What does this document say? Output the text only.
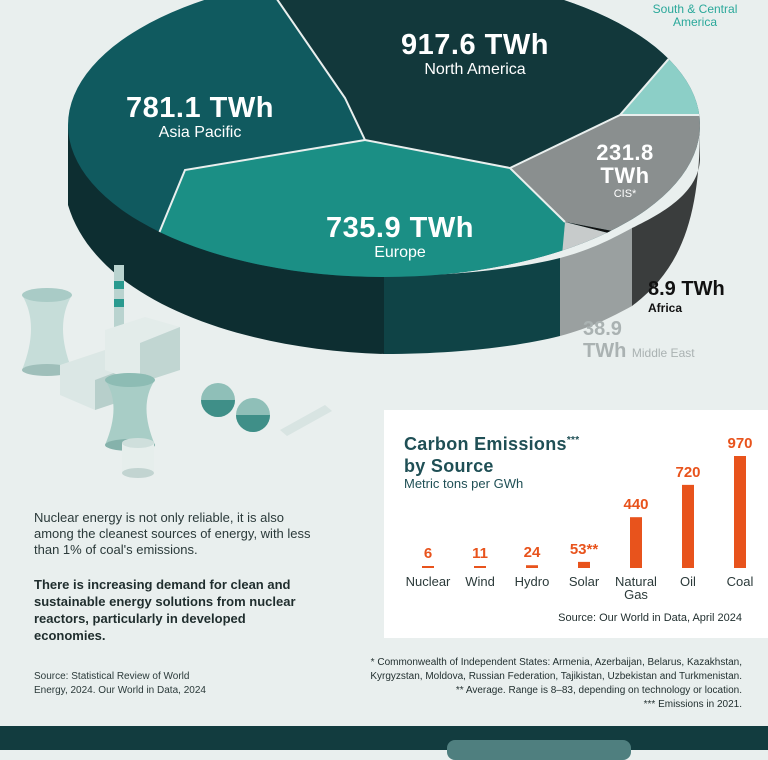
917.6 TWh
North America
781.1 TWh
Asia Pacific
735.9 TWh
Europe
231.8
TWh
CIS*
South & Central
America
8.9 TWh
Africa
38.9
TWh Middle East
Carbon Emissions***
by Source
Metric tons per GWh
6
Nuclear
11
Wind
24
Hydro
53**
Solar
440
Natural
Gas
720
Oil
970
Coal
Source: Our World in Data, April 2024
Nuclear energy is not only reliable, it is also among the cleanest sources of energy, with less than 1% of coal's emissions.
There is increasing demand for clean and sustainable energy solutions from nuclear reactors, particularly in developed economies.
Source: Statistical Review of World
Energy, 2024. Our World in Data, 2024
* Commonwealth of Independent States: Armenia, Azerbaijan, Belarus, Kazakhstan,
Kyrgyzstan, Moldova, Russian Federation, Tajikistan, Uzbekistan and Turkmenistan.
** Average. Range is 8–83, depending on technology or location.
*** Emissions in 2021.
